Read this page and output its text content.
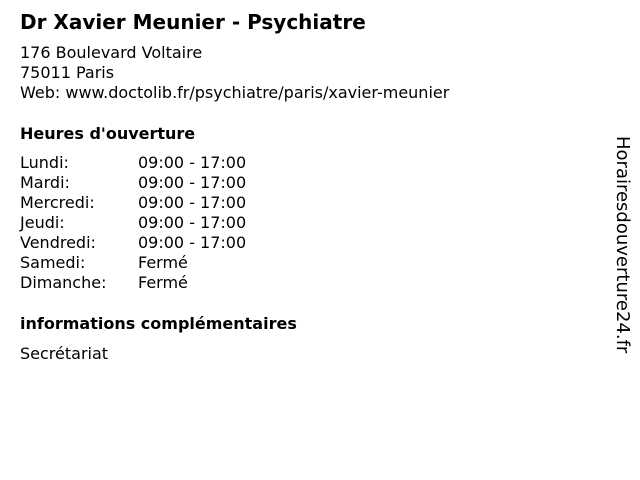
Dr Xavier Meunier - Psychiatre
176 Boulevard Voltaire
75011 Paris
Web: www.doctolib.fr/psychiatre/paris/xavier-meunier
Heures d'ouverture
Lundi:	09:00 - 17:00
Mardi:	09:00 - 17:00
Mercredi:	09:00 - 17:00
Jeudi:	09:00 - 17:00
Vendredi:	09:00 - 17:00
Samedi:	Fermé
Dimanche: Fermé
informations complémentaires
Secrétariat
Horairesdouverture24.fr
